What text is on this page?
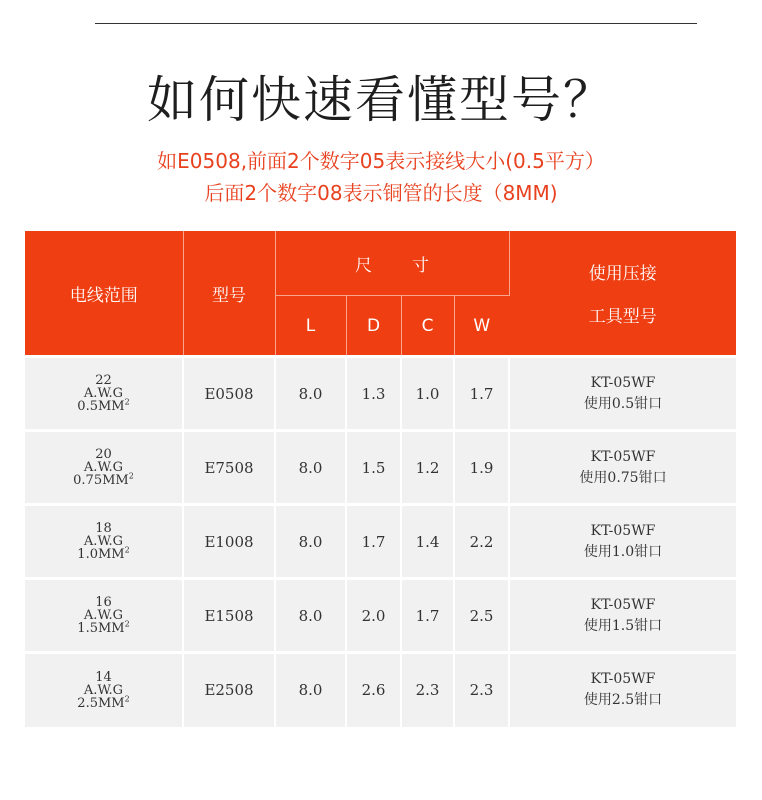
如何快速看懂型号？
如E0508,前面2个数字05表示接线大小(0.5平方）
后面2个数字08表示铜管的长度（8MM)
电线范围	型号	尺寸				使用压接
工具型号

		L	D	C	W	

22
A.W.G
$0.5MM^2$	E0508	8.0	1.3	1.0	1.7	KT-05WF
使用0.5钳口

20
A.W.G
$0.75MM^2$	E7508	8.0	1.5	1.2	1.9	KT-05WF
使用0.75钳口

18
A.W.G
$1.0MM^2$	E1008	8.0	1.7	1.4	2.2	KT-05WF
使用1.0钳口

16
A.W.G
$1.5MM^2$	E1508	8.0	2.0	1.7	2.5	KT-05WF
使用1.5钳口

14
A.W.G
$2.5MM^2$	E2508	8.0	2.6	2.3	2.3	KT-05WF
使用2.5钳口
